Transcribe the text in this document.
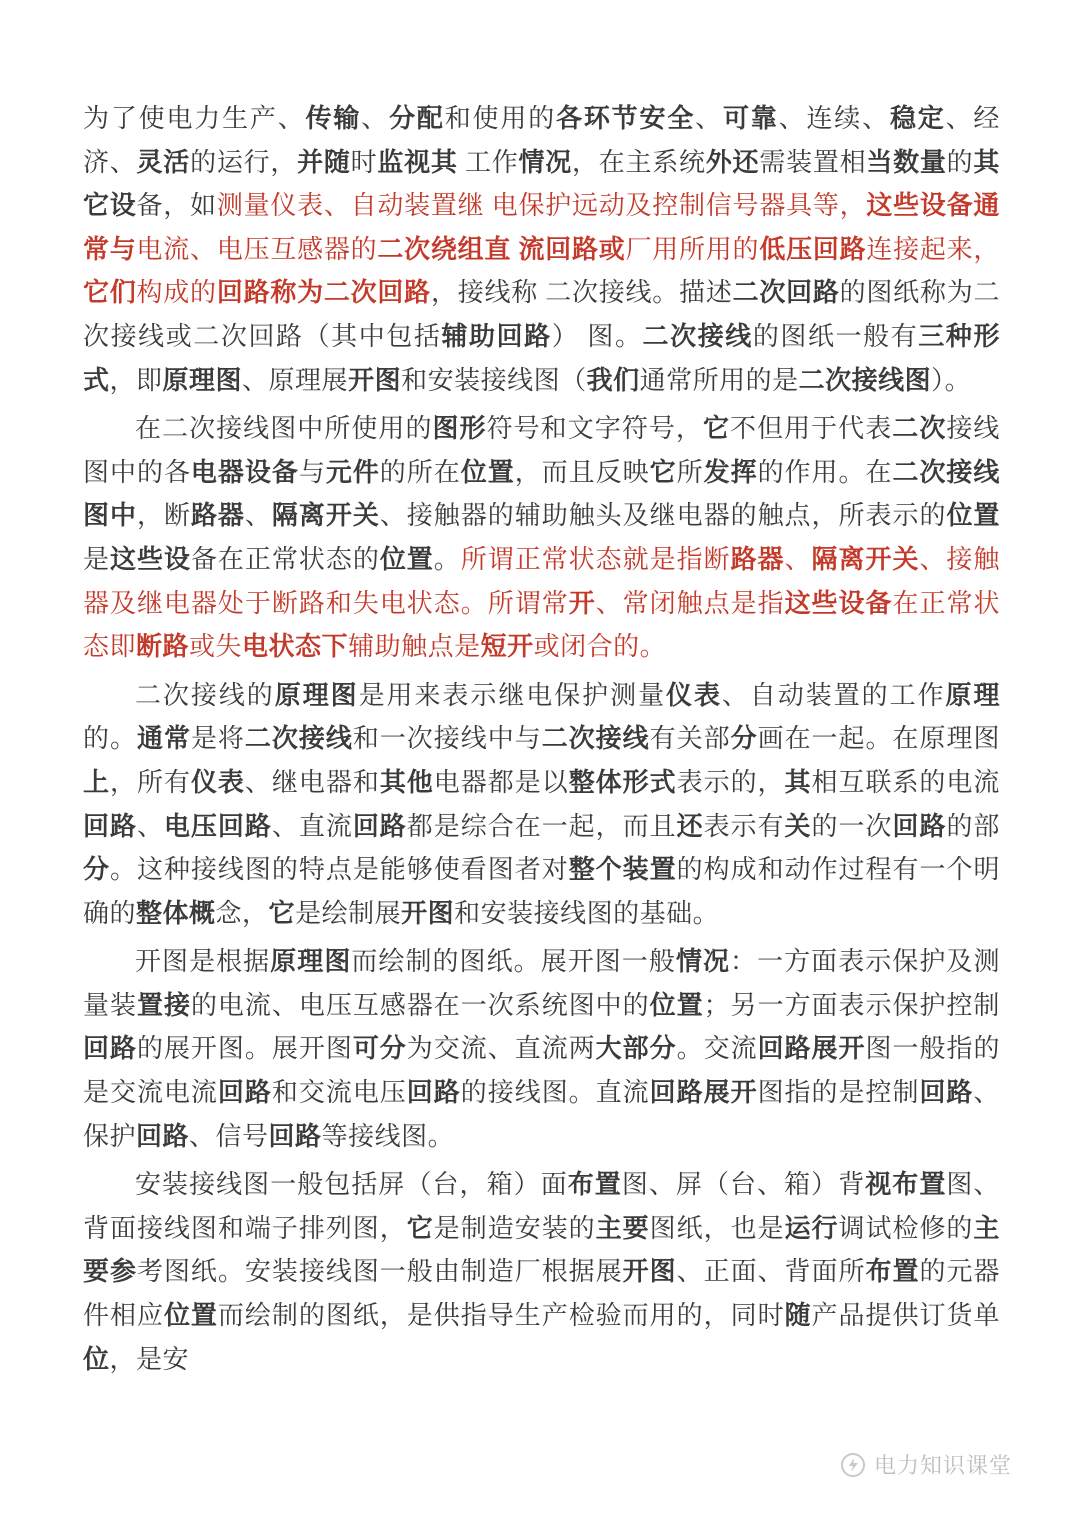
为了使电力生产、传输、分配和使用的各环节安全、可靠、连续、稳定、经济、灵活的运行，并随时监视其 工作情况，在主系统外还需装置相当数量的其它设备，如测量仪表、自动装置继 电保护远动及控制信号器具等，这些设备通常与电流、电压互感器的二次绕组直 流回路或厂用所用的低压回路连接起来，它们构成的回路称为二次回路，接线称 二次接线。描述二次回路的图纸称为二次接线或二次回路（其中包括辅助回路） 图。二次接线的图纸一般有三种形式，即原理图、原理展开图和安装接线图（我们通常所用的是二次接线图）。

在二次接线图中所使用的图形符号和文字符号，它不但用于代表二次接线图中的各电器设备与元件的所在位置，而且反映它所发挥的作用。在二次接线图中，断路器、隔离开关、接触器的辅助触头及继电器的触点，所表示的位置是这些设备在正常状态的位置。所谓正常状态就是指断路器、隔离开关、接触器及继电器处于断路和失电状态。所谓常开、常闭触点是指这些设备在正常状态即断路或失电状态下辅助触点是短开或闭合的。

二次接线的原理图是用来表示继电保护测量仪表、自动装置的工作原理的。通常是将二次接线和一次接线中与二次接线有关部分画在一起。在原理图上，所有仪表、继电器和其他电器都是以整体形式表示的，其相互联系的电流回路、电压回路、直流回路都是综合在一起，而且还表示有关的一次回路的部分。这种接线图的特点是能够使看图者对整个装置的构成和动作过程有一个明确的整体概念，它是绘制展开图和安装接线图的基础。

开图是根据原理图而绘制的图纸。展开图一般情况：一方面表示保护及测量装置接的电流、电压互感器在一次系统图中的位置；另一方面表示保护控制回路的展开图。展开图可分为交流、直流两大部分。交流回路展开图一般指的是交流电流回路和交流电压回路的接线图。直流回路展开图指的是控制回路、保护回路、信号回路等接线图。

安装接线图一般包括屏（台，箱）面布置图、屏（台、箱）背视布置图、背面接线图和端子排列图，它是制造安装的主要图纸，也是运行调试检修的主要参考图纸。安装接线图一般由制造厂根据展开图、正面、背面所布置的元器件相应位置而绘制的图纸，是供指导生产检验而用的，同时随产品提供订货单位，是安

电力知识课堂
